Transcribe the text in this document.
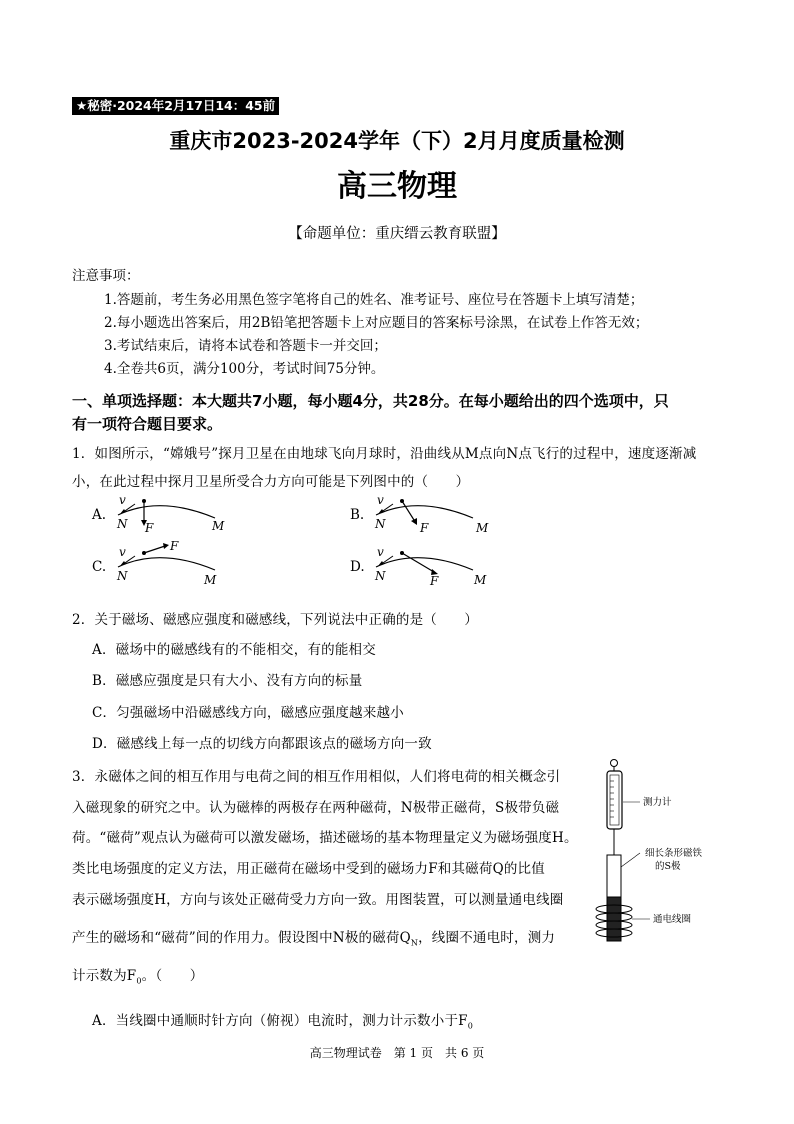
★秘密·2024年2月17日14：45前
重庆市2023-2024学年（下）2月月度质量检测
高三物理
【命题单位：重庆缙云教育联盟】
注意事项：
1.答题前，考生务必用黑色签字笔将自己的姓名、准考证号、座位号在答题卡上填写清楚；
2.每小题选出答案后，用2B铅笔把答题卡上对应题目的答案标号涂黑，在试卷上作答无效；
3.考试结束后，请将本试卷和答题卡一并交回；
4.全卷共6页，满分100分，考试时间75分钟。
一、单项选择题：本大题共7小题，每小题4分，共28分。在每小题给出的四个选项中，只
有一项符合题目要求。
1．如图所示，“嫦娥号”探月卫星在由地球飞向月球时，沿曲线从M点向N点飞行的过程中，速度逐渐减
小，在此过程中探月卫星所受合力方向可能是下列图中的（　　）
A.	B.
C.	D.
v
N F	M
v
N	F	M
v
N
F
M
v
N	F	M
2．关于磁场、磁感应强度和磁感线，下列说法中正确的是（　　）
A．磁场中的磁感线有的不能相交，有的能相交
B．磁感应强度是只有大小、没有方向的标量
C．匀强磁场中沿磁感线方向，磁感应强度越来越小
D．磁感线上每一点的切线方向都跟该点的磁场方向一致
3．永磁体之间的相互作用与电荷之间的相互作用相似，人们将电荷的相关概念引
入磁现象的研究之中。认为磁棒的两极存在两种磁荷，N极带正磁荷，S极带负磁
荷。“磁荷”观点认为磁荷可以激发磁场，描述磁场的基本物理量定义为磁场强度H。
类比电场强度的定义方法，用正磁荷在磁场中受到的磁场力F和其磁荷Q的比值
表示磁场强度H，方向与该处正磁荷受力方向一致。用图装置，可以测量通电线圈
产生的磁场和“磁荷”间的作用力。假设图中N极的磁荷$Q_N$，线圈不通电时，测力
计示数为$F_0$。（　　）
A．当线圈中通顺时针方向（俯视）电流时，测力计示数小于$F_0$
测力计
细长条形磁铁
的S极
通电线圈
高三物理试卷　第 1 页　共 6 页
